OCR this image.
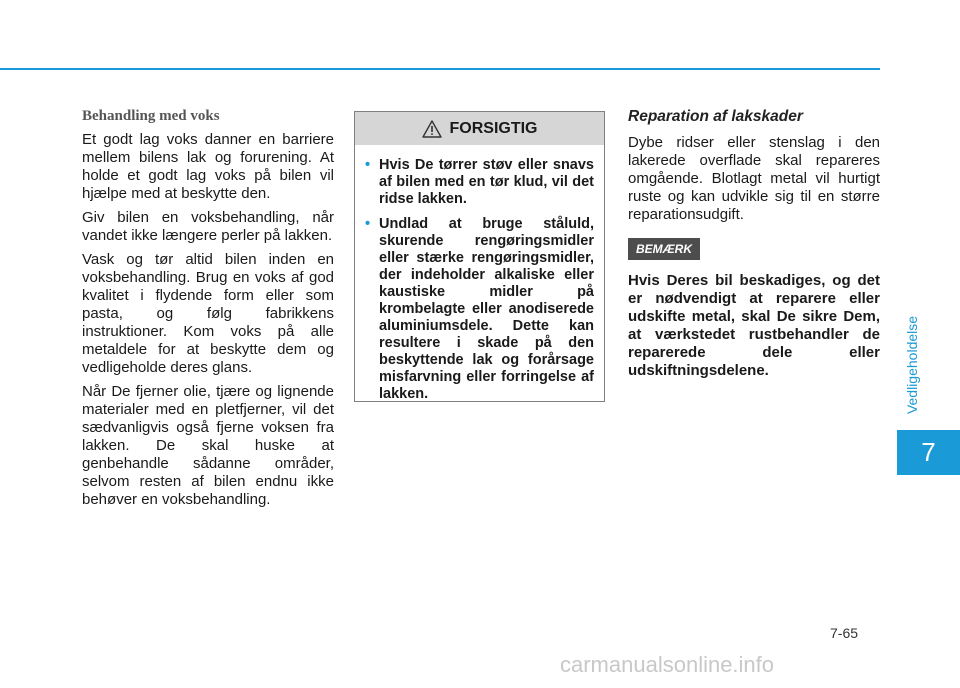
Vedligeholdelse
7
Behandling med voks

Et godt lag voks danner en barriere mellem bilens lak og forurening. At holde et godt lag voks på bilen vil hjælpe med at beskytte den.

Giv bilen en voksbehandling, når vandet ikke længere perler på lakken.

Vask og tør altid bilen inden en voksbehandling. Brug en voks af god kvalitet i flydende form eller som pasta, og følg fabrikkens instruktioner. Kom voks på alle metaldele for at beskytte dem og vedligeholde deres glans.

Når De fjerner olie, tjære og lignende materialer med en pletfjerner, vil det sædvanligvis også fjerne voksen fra lakken. De skal huske at genbehandle sådanne områder, selvom resten af bilen endnu ikke behøver en voksbehandling.

FORSIGTIG
• Hvis De tørrer støv eller snavs af bilen med en tør klud, vil det ridse lakken.
• Undlad at bruge ståluld, skurende rengøringsmidler eller stærke rengøringsmidler, der indeholder alkaliske eller kaustiske midler på krombelagte eller anodiserede aluminiumsdele. Dette kan resultere i skade på den beskyttende lak og forårsage misfarvning eller forringelse af lakken.
Reparation af lakskader

Dybe ridser eller stenslag i den lakerede overflade skal repareres omgående. Blotlagt metal vil hurtigt ruste og kan udvikle sig til en større reparationsudgift.

BEMÆRK

Hvis Deres bil beskadiges, og det er nødvendigt at reparere eller udskifte metal, skal De sikre Dem, at værkstedet rustbehandler de reparerede dele eller udskiftningsdelene.

7-65
carmanualsonline.info
